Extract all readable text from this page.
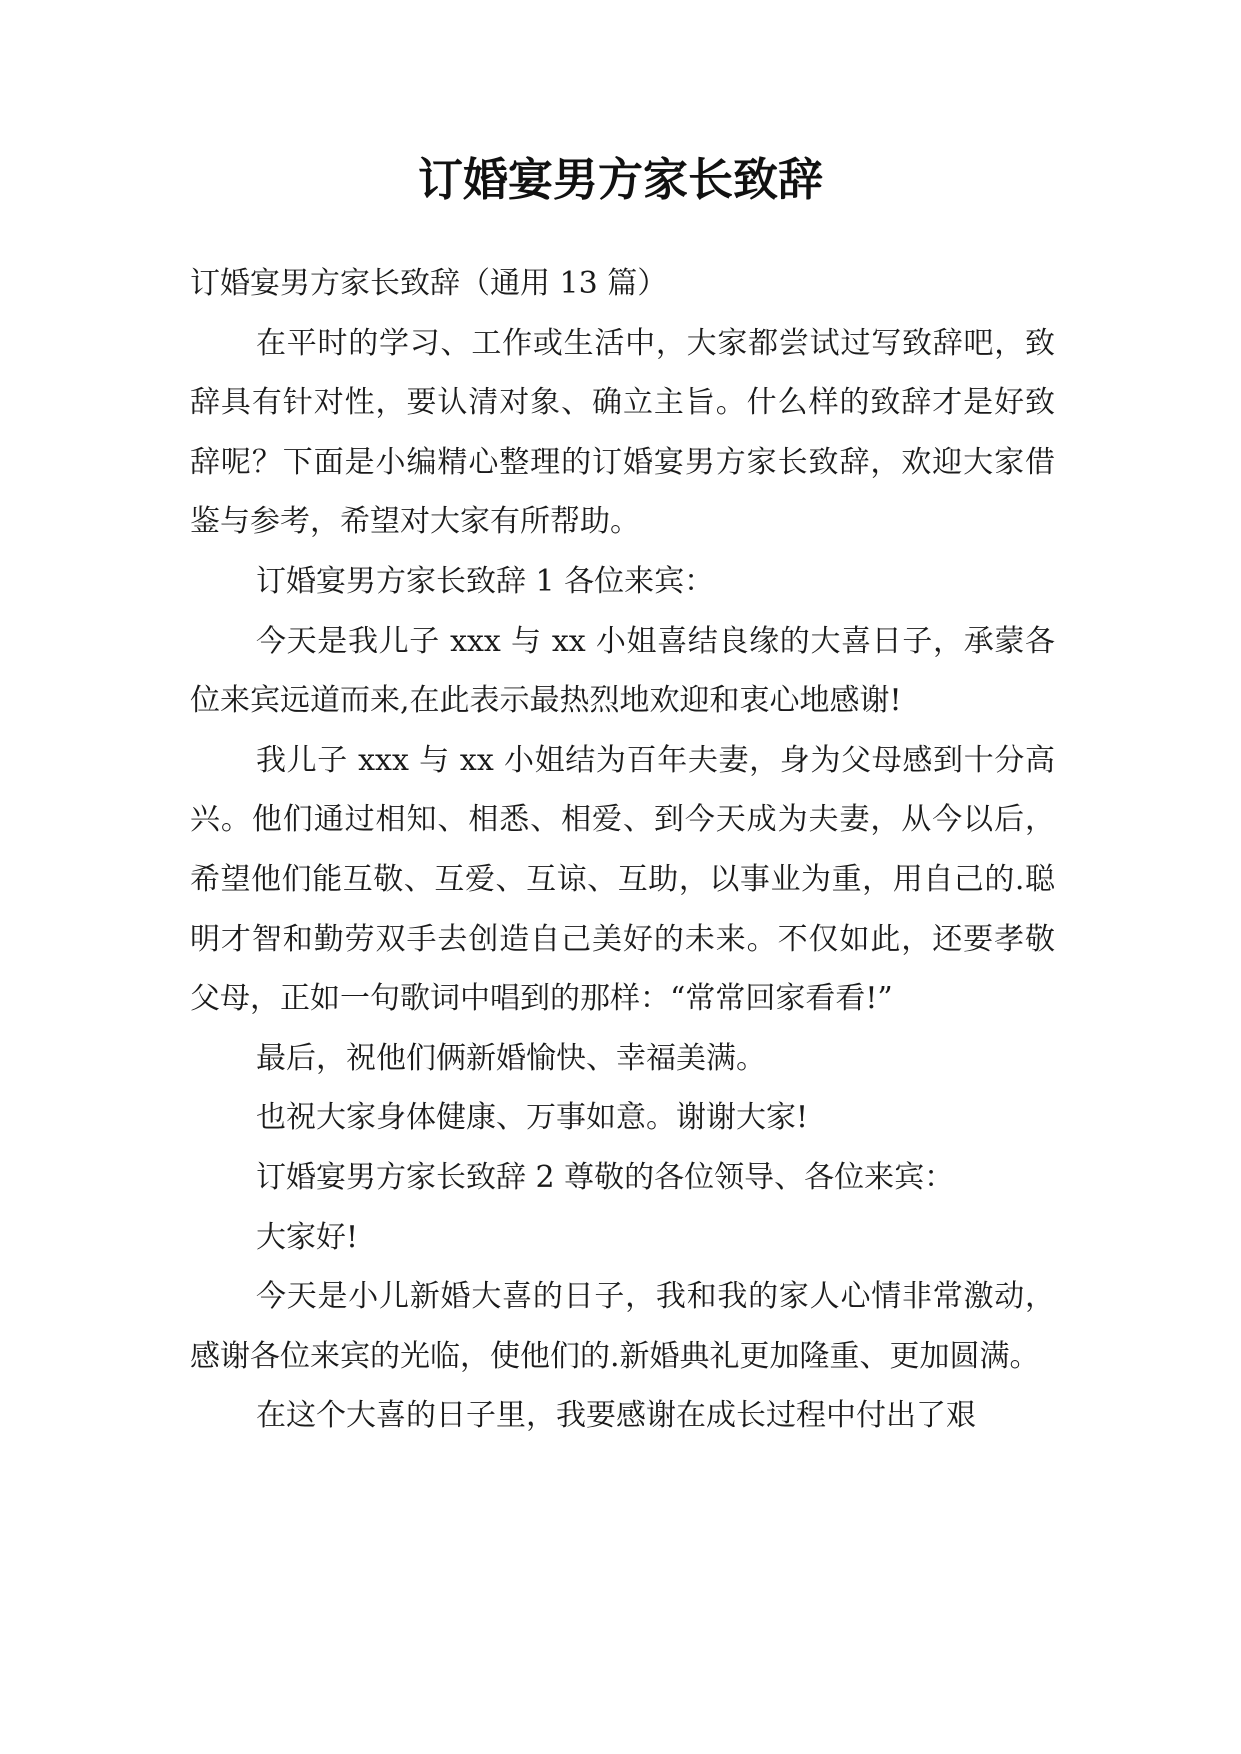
订婚宴男方家长致辞

订婚宴男方家长致辞（通用 13 篇）

在平时的学习、工作或生活中，大家都尝试过写致辞吧，致辞具有针对性，要认清对象、确立主旨。什么样的致辞才是好致辞呢？下面是小编精心整理的订婚宴男方家长致辞，欢迎大家借鉴与参考，希望对大家有所帮助。

订婚宴男方家长致辞 1 各位来宾：

今天是我儿子 xxx 与 xx 小姐喜结良缘的大喜日子，承蒙各位来宾远道而来,在此表示最热烈地欢迎和衷心地感谢!

我儿子 xxx 与 xx 小姐结为百年夫妻，身为父母感到十分高兴。他们通过相知、相悉、相爱、到今天成为夫妻，从今以后，希望他们能互敬、互爱、互谅、互助，以事业为重，用自己的.聪明才智和勤劳双手去创造自己美好的未来。不仅如此，还要孝敬父母，正如一句歌词中唱到的那样：“常常回家看看!”

最后，祝他们俩新婚愉快、幸福美满。

也祝大家身体健康、万事如意。谢谢大家!

订婚宴男方家长致辞 2 尊敬的各位领导、各位来宾：

大家好!

今天是小儿新婚大喜的日子，我和我的家人心情非常激动，感谢各位来宾的光临，使他们的.新婚典礼更加隆重、更加圆满。

在这个大喜的日子里，我要感谢在成长过程中付出了艰
